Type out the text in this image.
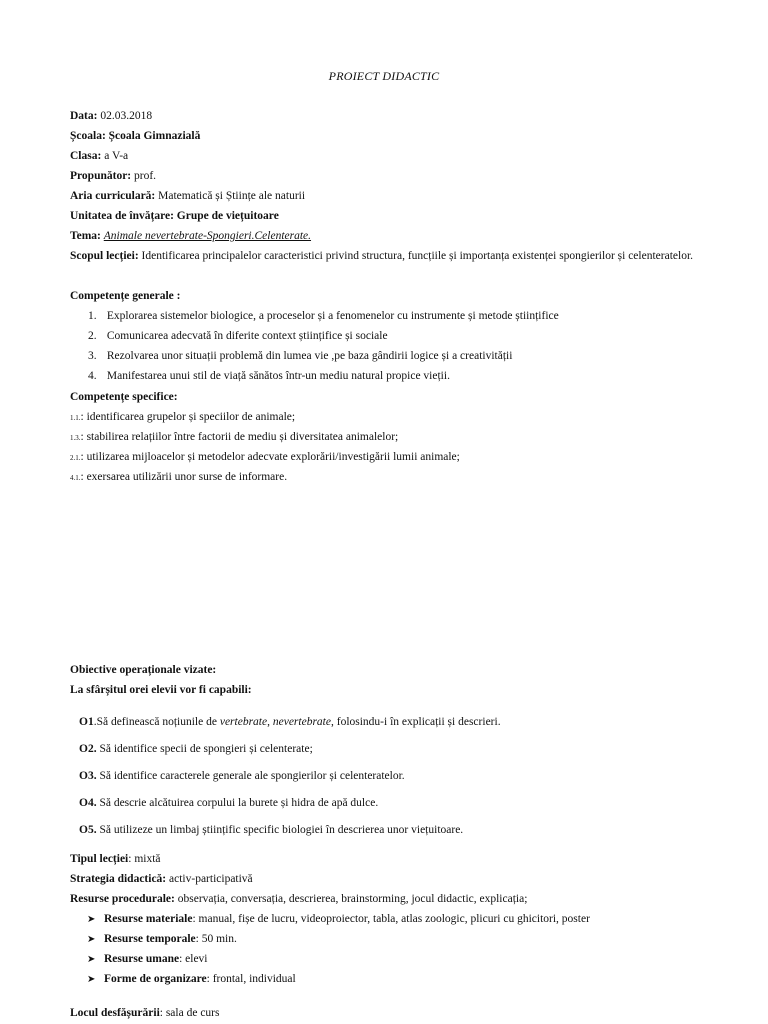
PROIECT DIDACTIC
Data: 02.03.2018
Școala: Școala Gimnazială
Clasa: a V-a
Propunător: prof.
Aria curriculară: Matematică și Științe ale naturii
Unitatea de învățare: Grupe de viețuitoare
Tema: Animale nevertebrate-Spongieri.Celenterate.
Scopul lecției: Identificarea principalelor caracteristici privind structura, funcțiile și importanța existenței spongierilor și celenteratelor.
Competențe generale :
1. Explorarea sistemelor biologice, a proceselor și a fenomenelor cu instrumente și metode științifice
2. Comunicarea adecvată în diferite context științifice și sociale
3. Rezolvarea unor situații problemă din lumea vie ,pe baza gândirii logice și a creativității
4. Manifestarea unui stil de viață sănătos într-un mediu natural propice vieții.
Competențe specifice:
1.1.: identificarea grupelor și speciilor de animale;
1.3.: stabilirea relațiilor între factorii de mediu și diversitatea animalelor;
2.1.: utilizarea mijloacelor și metodelor adecvate explorării/investigării lumii animale;
4.1.: exersarea utilizării unor surse de informare.
Obiective operaționale vizate:
La sfârșitul orei elevii vor fi capabili:
O1.Să definească noțiunile de vertebrate, nevertebrate, folosindu-i în explicații și descrieri.
O2. Să identifice specii de spongieri și celenterate;
O3. Să identifice caracterele generale ale spongierilor și celenteratelor.
O4. Să descrie alcătuirea corpului la burete și hidra de apă dulce.
O5. Să utilizeze un limbaj științific specific biologiei în descrierea unor viețuitoare.
Tipul lecției: mixtă
Strategia didactică: activ-participativă
Resurse procedurale: observația, conversația, descrierea, brainstorming, jocul didactic, explicația;
➤ Resurse materiale: manual, fișe de lucru, videoproiector, tabla, atlas zoologic, plicuri cu ghicitori, poster
➤ Resurse temporale: 50 min.
➤ Resurse umane: elevi
➤ Forme de organizare: frontal, individual
Locul desfășurării: sala de curs
